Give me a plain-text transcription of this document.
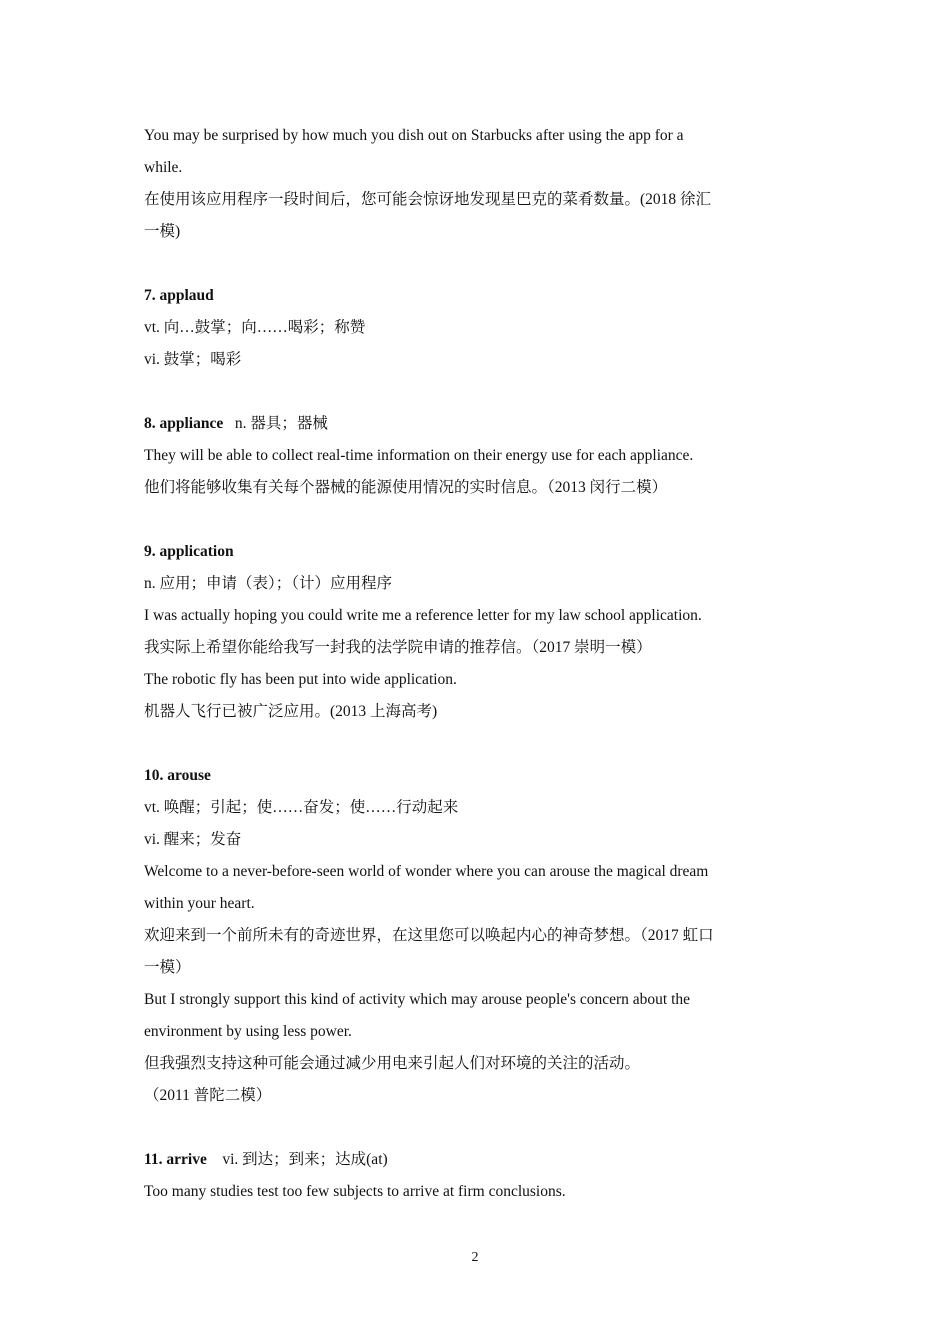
You may be surprised by how much you dish out on Starbucks after using the app for a
while.
在使用该应用程序一段时间后，您可能会惊讶地发现星巴克的菜肴数量。(2018 徐汇
一模)
7. applaud
vt. 向…鼓掌；向……喝彩；称赞
vi. 鼓掌；喝彩
8. appliance n. 器具；器械
They will be able to collect real-time information on their energy use for each appliance.
他们将能够收集有关每个器械的能源使用情况的实时信息。（2013 闵行二模）
9. application
n. 应用；申请（表）；（计）应用程序
I was actually hoping you could write me a reference letter for my law school application.
我实际上希望你能给我写一封我的法学院申请的推荐信。（2017 崇明一模）
The robotic fly has been put into wide application.
机器人飞行已被广泛应用。(2013 上海高考)
10. arouse
vt. 唤醒；引起；使……奋发；使……行动起来
vi. 醒来；发奋
Welcome to a never-before-seen world of wonder where you can arouse the magical dream
within your heart.
欢迎来到一个前所未有的奇迹世界，在这里您可以唤起内心的神奇梦想。（2017 虹口
一模）
But I strongly support this kind of activity which may arouse people's concern about the
environment by using less power.
但我强烈支持这种可能会通过减少用电来引起人们对环境的关注的活动。
（2011 普陀二模）
11. arrive vi. 到达；到来；达成(at)
Too many studies test too few subjects to arrive at firm conclusions.
2
